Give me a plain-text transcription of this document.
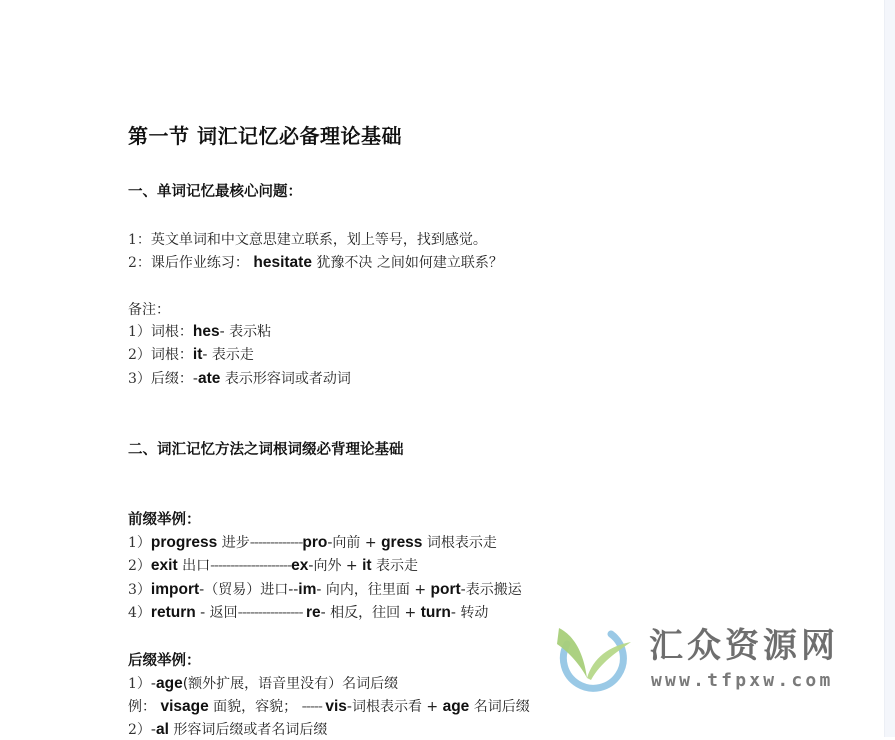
第一节 词汇记忆必备理论基础
一、单词记忆最核心问题：
1：英文单词和中文意思建立联系，划上等号，找到感觉。
2：课后作业练习： hesitate 犹豫不决 之间如何建立联系？
备注：
1）词根：hes- 表示粘
2）词根：it- 表示走
3）后缀：-ate 表示形容词或者动词
二、词汇记忆方法之词根词缀必背理论基础
前缀举例：
1）progress 进步-------------pro-向前 + gress 词根表示走
2）exit 出口--------------------ex-向外 + it 表示走
3）import-（贸易）进口--im- 向内，往里面 + port-表示搬运
4）return - 返回---------------- re- 相反，往回 + turn- 转动
后缀举例：
1）-age(额外扩展，语音里没有）名词后缀
例： visage 面貌，容貌； ----- vis-词根表示看 + age 名词后缀
2）-al 形容词后缀或者名词后缀
汇众资源网
www.tfpxw.com
